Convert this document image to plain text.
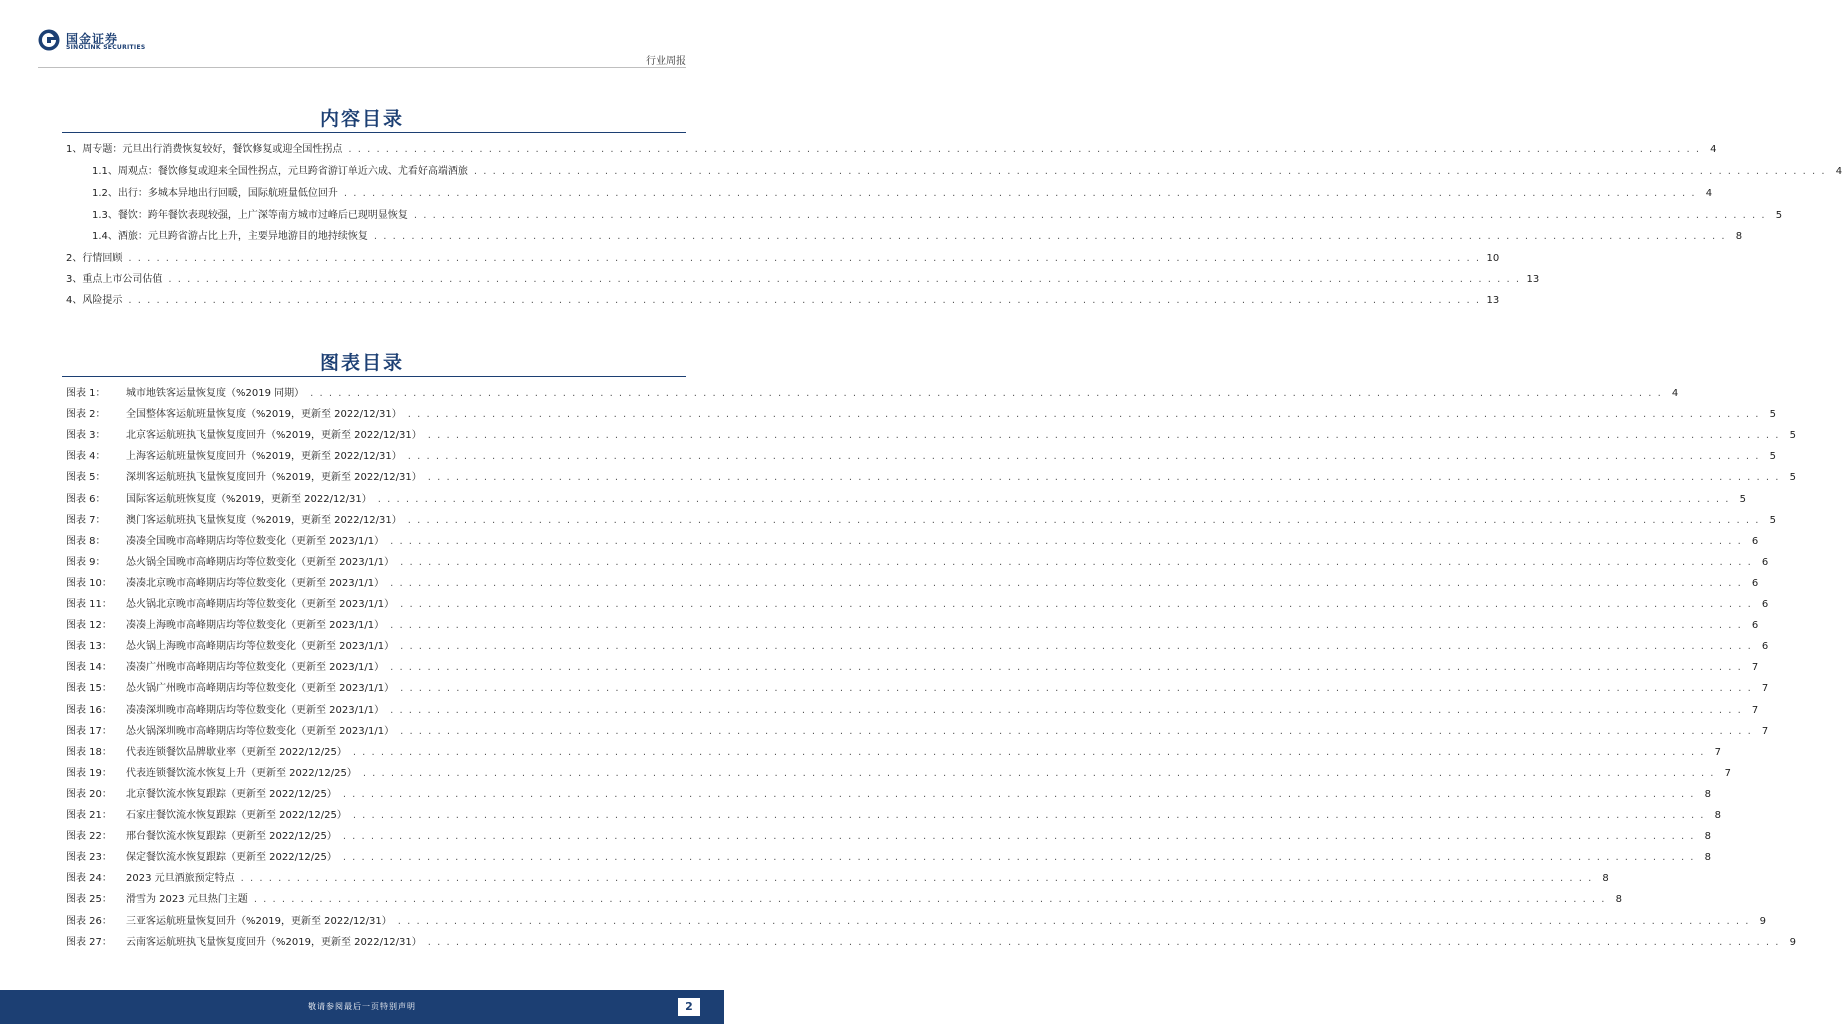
国金证券
SINOLINK SECURITIES
行业周报
内容目录
1、周专题：元旦出行消费恢复较好，餐饮修复或迎全国性拐点 . . .	4
1.1、周观点：餐饮修复或迎来全国性拐点，元旦跨省游订单近六成、尤看好高端酒旅 . . .	4
1.2、出行：多城本异地出行回暖，国际航班量低位回升 . . .	4
1.3、餐饮：跨年餐饮表现较强，上广深等南方城市过峰后已现明显恢复 . . .	5
1.4、酒旅：元旦跨省游占比上升，主要异地游目的地持续恢复 . . .	8
2、行情回顾 . . .	10
3、重点上市公司估值 . . .	13
4、风险提示 . . .	13
图表目录
图表 1：	城市地铁客运量恢复度（%2019 同期） . . .	4
图表 2：	全国整体客运航班量恢复度（%2019，更新至 2022/12/31） . . .	5
图表 3：	北京客运航班执飞量恢复度回升（%2019，更新至 2022/12/31） . . .	5
图表 4：	上海客运航班量恢复度回升（%2019，更新至 2022/12/31） . . .	5
图表 5：	深圳客运航班执飞量恢复度回升（%2019，更新至 2022/12/31） . . .	5
图表 6：	国际客运航班恢复度（%2019，更新至 2022/12/31） . . .	5
图表 7：	澳门客运航班执飞量恢复度（%2019，更新至 2022/12/31） . . .	5
图表 8：	凑凑全国晚市高峰期店均等位数变化（更新至 2023/1/1） . . .	6
图表 9：	怂火锅全国晚市高峰期店均等位数变化（更新至 2023/1/1） . . .	6
图表 10：	凑凑北京晚市高峰期店均等位数变化（更新至 2023/1/1） . . .	6
图表 11：	怂火锅北京晚市高峰期店均等位数变化（更新至 2023/1/1） . . .	6
图表 12：	凑凑上海晚市高峰期店均等位数变化（更新至 2023/1/1） . . .	6
图表 13：	怂火锅上海晚市高峰期店均等位数变化（更新至 2023/1/1） . . .	6
图表 14：	凑凑广州晚市高峰期店均等位数变化（更新至 2023/1/1） . . .	7
图表 15：	怂火锅广州晚市高峰期店均等位数变化（更新至 2023/1/1） . . .	7
图表 16：	凑凑深圳晚市高峰期店均等位数变化（更新至 2023/1/1） . . .	7
图表 17：	怂火锅深圳晚市高峰期店均等位数变化（更新至 2023/1/1） . . .	7
图表 18：	代表连锁餐饮品牌歇业率（更新至 2022/12/25） . . .	7
图表 19：	代表连锁餐饮流水恢复上升（更新至 2022/12/25） . . .	7
图表 20：	北京餐饮流水恢复跟踪（更新至 2022/12/25） . . .	8
图表 21：	石家庄餐饮流水恢复跟踪（更新至 2022/12/25） . . .	8
图表 22：	邢台餐饮流水恢复跟踪（更新至 2022/12/25） . . .	8
图表 23：	保定餐饮流水恢复跟踪（更新至 2022/12/25） . . .	8
图表 24：	2023 元旦酒旅预定特点 . . .	8
图表 25：	滑雪为 2023 元旦热门主题 . . .	8
图表 26：	三亚客运航班量恢复回升（%2019，更新至 2022/12/31） . . .	9
图表 27：	云南客运航班执飞量恢复度回升（%2019，更新至 2022/12/31） . . .	9
敬请参阅最后一页特别声明	2
